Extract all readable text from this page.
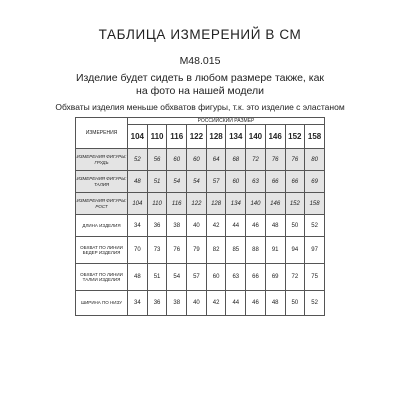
ТАБЛИЦА ИЗМЕРЕНИЙ В СМ
M48.015
Изделие будет сидеть в любом размере также, как на фото на нашей модели
Обхваты изделия меньше обхватов фигуры, т.к. это изделие с эластаном
ИЗМЕРЕНИЯ	РОССИЙСКИЙ РАЗМЕР									
	104	110	116	122	128	134	140	146	152	158
ИЗМЕРЕНИЯ ФИГУРЫ: ГРУДЬ	52	56	60	60	64	68	72	76	76	80
ИЗМЕРЕНИЯ ФИГУРЫ: ТАЛИЯ	48	51	54	54	57	60	63	66	66	69
ИЗМЕРЕНИЯ ФИГУРЫ: РОСТ	104	110	116	122	128	134	140	146	152	158
ДЛИНА ИЗДЕЛИЯ	34	36	38	40	42	44	46	48	50	52
ОБХВАТ ПО ЛИНИИ БЕДЕР ИЗДЕЛИЯ	70	73	76	79	82	85	88	91	94	97
ОБХВАТ ПО ЛИНИИ ТАЛИИ ИЗДЕЛИЯ	48	51	54	57	60	63	66	69	72	75
ШИРИНА ПО НИЗУ	34	36	38	40	42	44	46	48	50	52
